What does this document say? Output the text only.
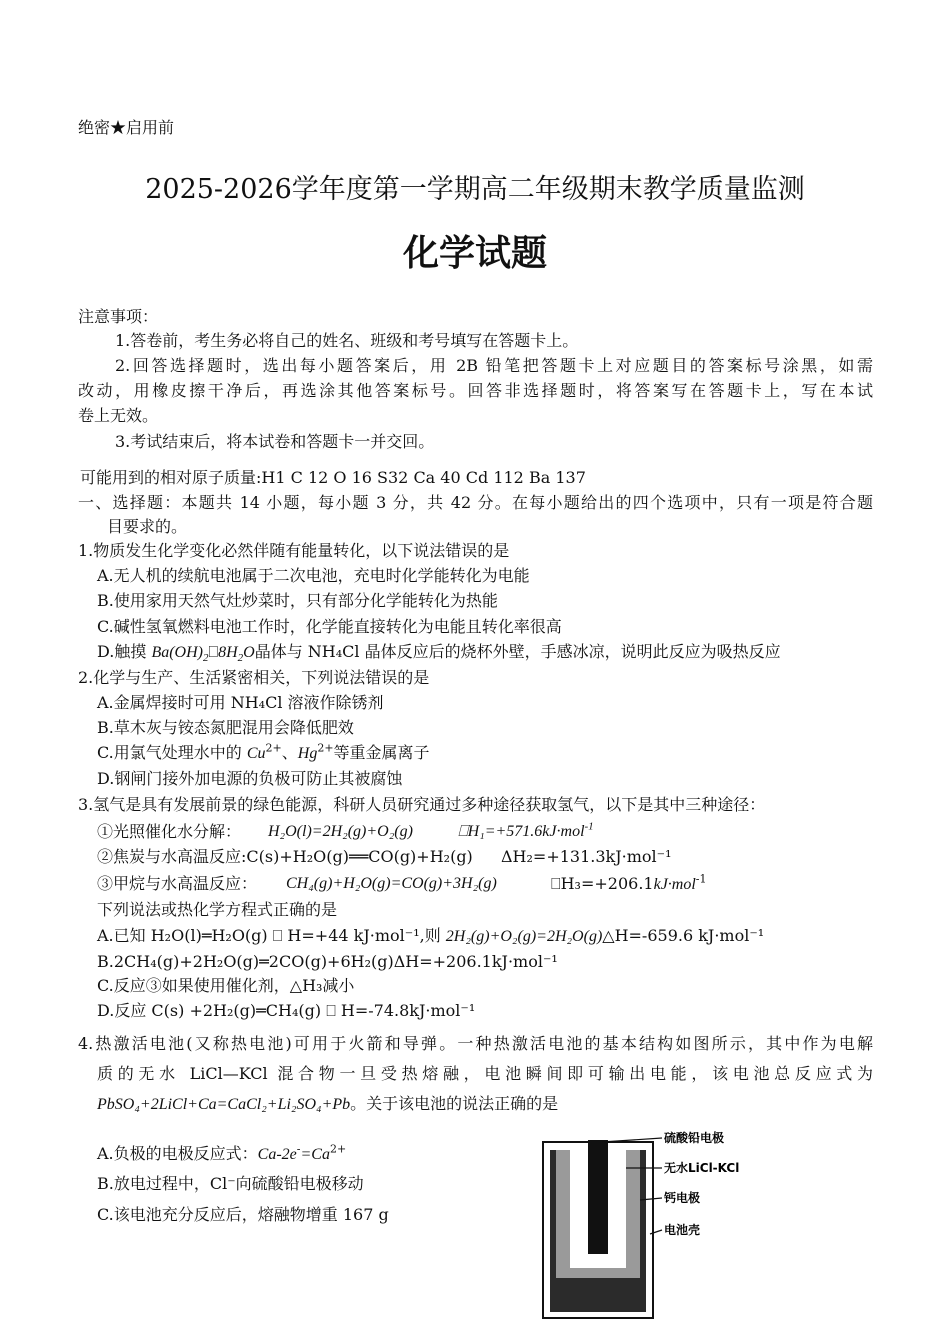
绝密★启用前
2025-2026学年度第一学期高二年级期末教学质量监测
化学试题
注意事项：
1.答卷前，考生务必将自己的姓名、班级和考号填写在答题卡上。
2.回答选择题时，选出每小题答案后，用 2B 铅笔把答题卡上对应题目的答案标号涂黑，如需
改动，用橡皮擦干净后，再选涂其他答案标号。回答非选择题时，将答案写在答题卡上，写在本试
卷上无效。
3.考试结束后，将本试卷和答题卡一并交回。
可能用到的相对原子质量:H1 C 12 O 16 S32 Ca 40 Cd 112 Ba 137
一、选择题：本题共 14 小题，每小题 3 分，共 42 分。在每小题给出的四个选项中，只有一项是符合题
目要求的。
1.物质发生化学变化必然伴随有能量转化，以下说法错误的是
A.无人机的续航电池属于二次电池，充电时化学能转化为电能
B.使用家用天然气灶炒菜时，只有部分化学能转化为热能
C.碱性氢氧燃料电池工作时，化学能直接转化为电能且转化率很高
D.触摸 $Ba(OH)_2⎕8H_2O$晶体与 NH₄Cl 晶体反应后的烧杯外壁，手感冰凉，说明此反应为吸热反应
2.化学与生产、生活紧密相关，下列说法错误的是
A.金属焊接时可用 NH₄Cl 溶液作除锈剂
B.草木灰与铵态氮肥混用会降低肥效
C.用氯气处理水中的 $Cu^{2+}$、$Hg^{2+}$等重金属离子
D.钢闸门接外加电源的负极可防止其被腐蚀
3.氢气是具有发展前景的绿色能源，科研人员研究通过多种途径获取氢气，以下是其中三种途径：
①光照催化水分解： H₂O(l)=2H₂(g)+O₂(g)	⎕H₁=+571.6kJ·mol$^{-1}$
②焦炭与水高温反应:C(s)+H₂O(g)══CO(g)+H₂(g) ΔH₂=+131.3kJ·mol⁻¹
③甲烷与水高温反应： CH₄(g)+H₂O(g)=CO(g)+3H₂(g)	⎕H₃=+206.1kJ·mol$^{-1}$
下列说法或热化学方程式正确的是
A.已知 H₂O(l)═H₂O(g) ⎕ H=+44 kJ·mol⁻¹,则 2H₂(g)+O₂(g)=2H₂O(g)△H=-659.6 kJ·mol⁻¹
B.2CH₄(g)+2H₂O(g)═2CO(g)+6H₂(g)ΔH=+206.1kJ·mol⁻¹
C.反应③如果使用催化剂，△H₃减小
D.反应 C(s) +2H₂(g)═CH₄(g) ⎕ H=-74.8kJ·mol⁻¹
4.热激活电池(又称热电池)可用于火箭和导弹。一种热激活电池的基本结构如图所示，其中作为电解
质的无水 LiCl—KCl 混合物一旦受热熔融，电池瞬间即可输出电能，该电池总反应式为
PbSO₄+2LiCl+Ca=CaCl₂+Li₂SO₄+Pb。关于该电池的说法正确的是
A.负极的电极反应式：$Ca-2e^-=Ca^{2+}$
B.放电过程中，Cl⁻向硫酸铅电极移动
C.该电池充分反应后，熔融物增重 167 g
硫酸铅电极
无水LiCl-KCl
钙电极
电池壳
